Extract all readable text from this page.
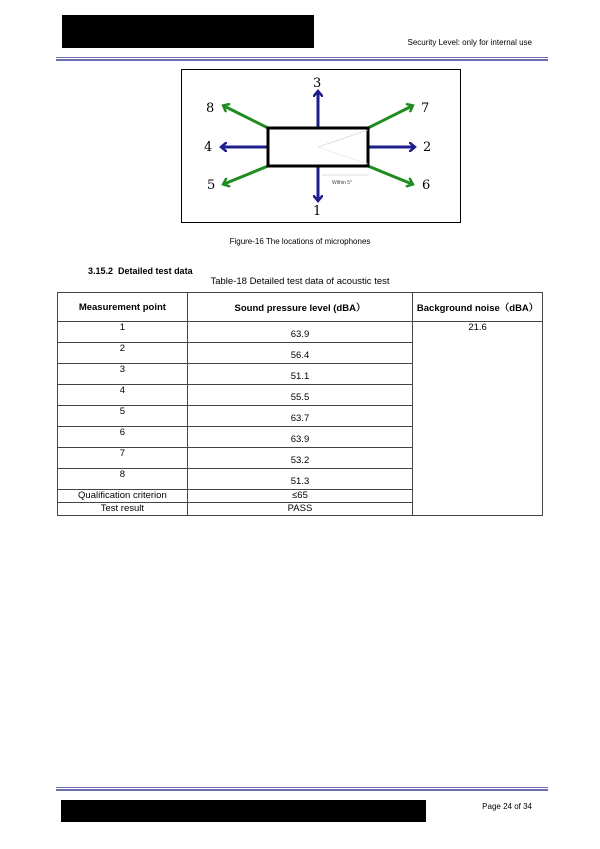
Security Level: only for internal use
3
8	7
4	2
5	6
1
Within 5°
Figure-16 The locations of microphones
3.15.2 Detailed test data
Table-18 Detailed test data of acoustic test
Measurement point	Sound pressure level (dBA）	Background noise（dBA）
1	63.9	21.6
2	56.4	
3	51.1	
4	55.5	
5	63.7	
6	63.9	
7	53.2	
8	51.3	
Qualification criterion	≤65	
Test result	PASS	
Page 24 of 34
